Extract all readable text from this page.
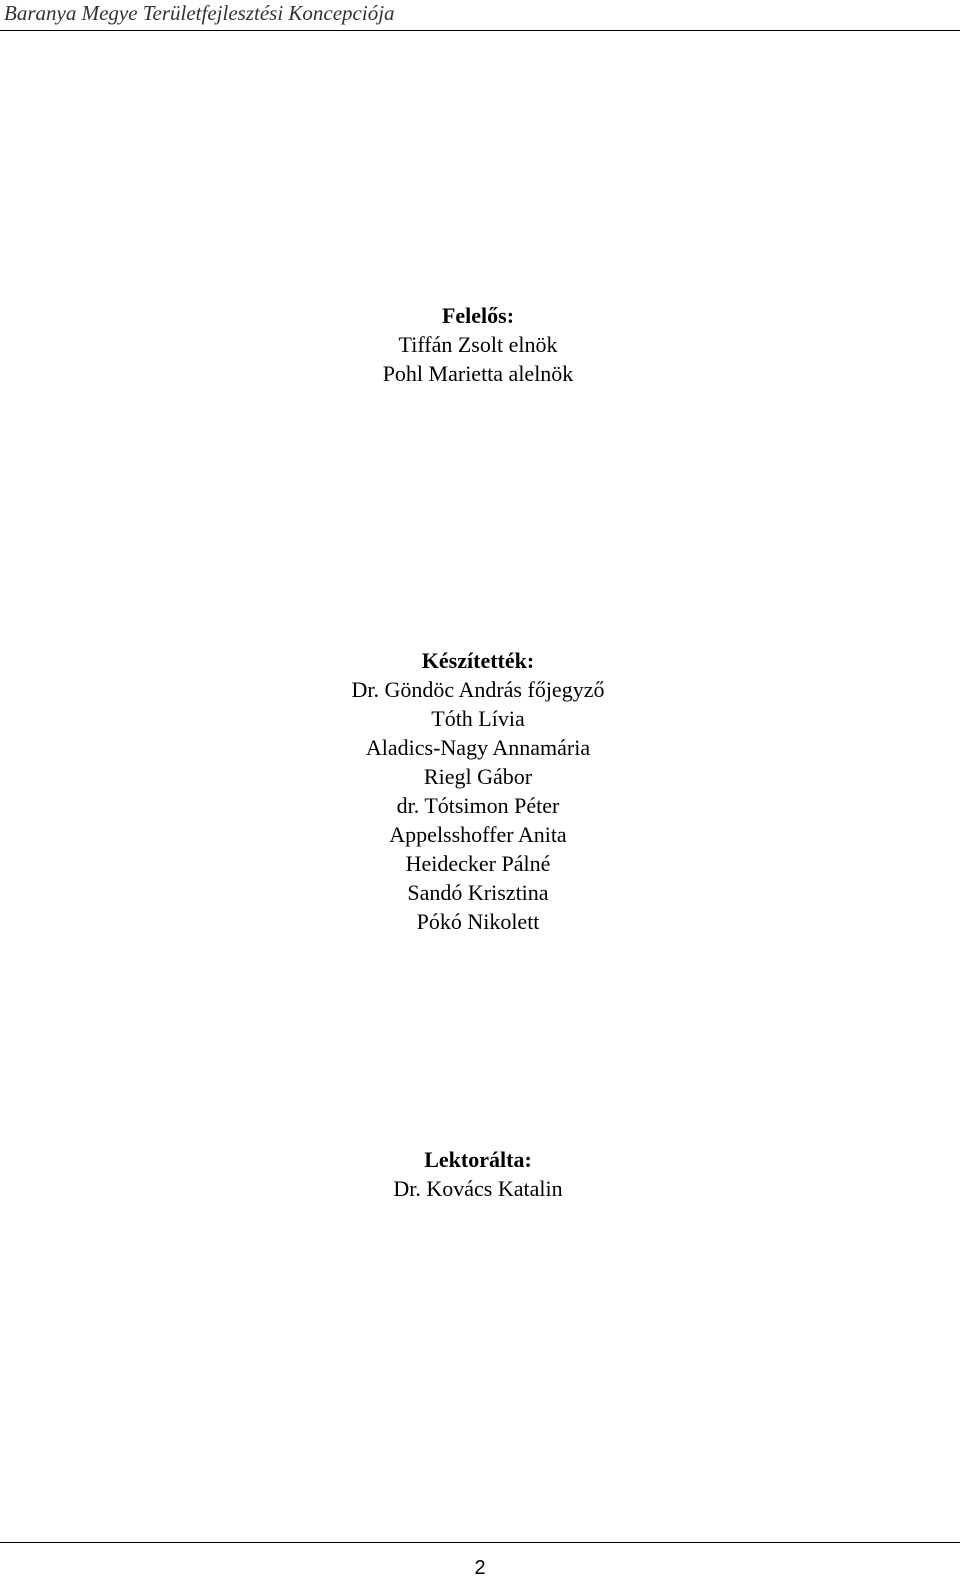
Baranya Megye Területfejlesztési Koncepciója
Felelős:
Tiffán Zsolt elnök
Pohl Marietta alelnök
Készítették:
Dr. Göndöc András főjegyző
Tóth Lívia
Aladics-Nagy Annamária
Riegl Gábor
dr. Tótsimon Péter
Appelsshoffer Anita
Heidecker Pálné
Sandó Krisztina
Pókó Nikolett
Lektorálta:
Dr. Kovács Katalin
2
